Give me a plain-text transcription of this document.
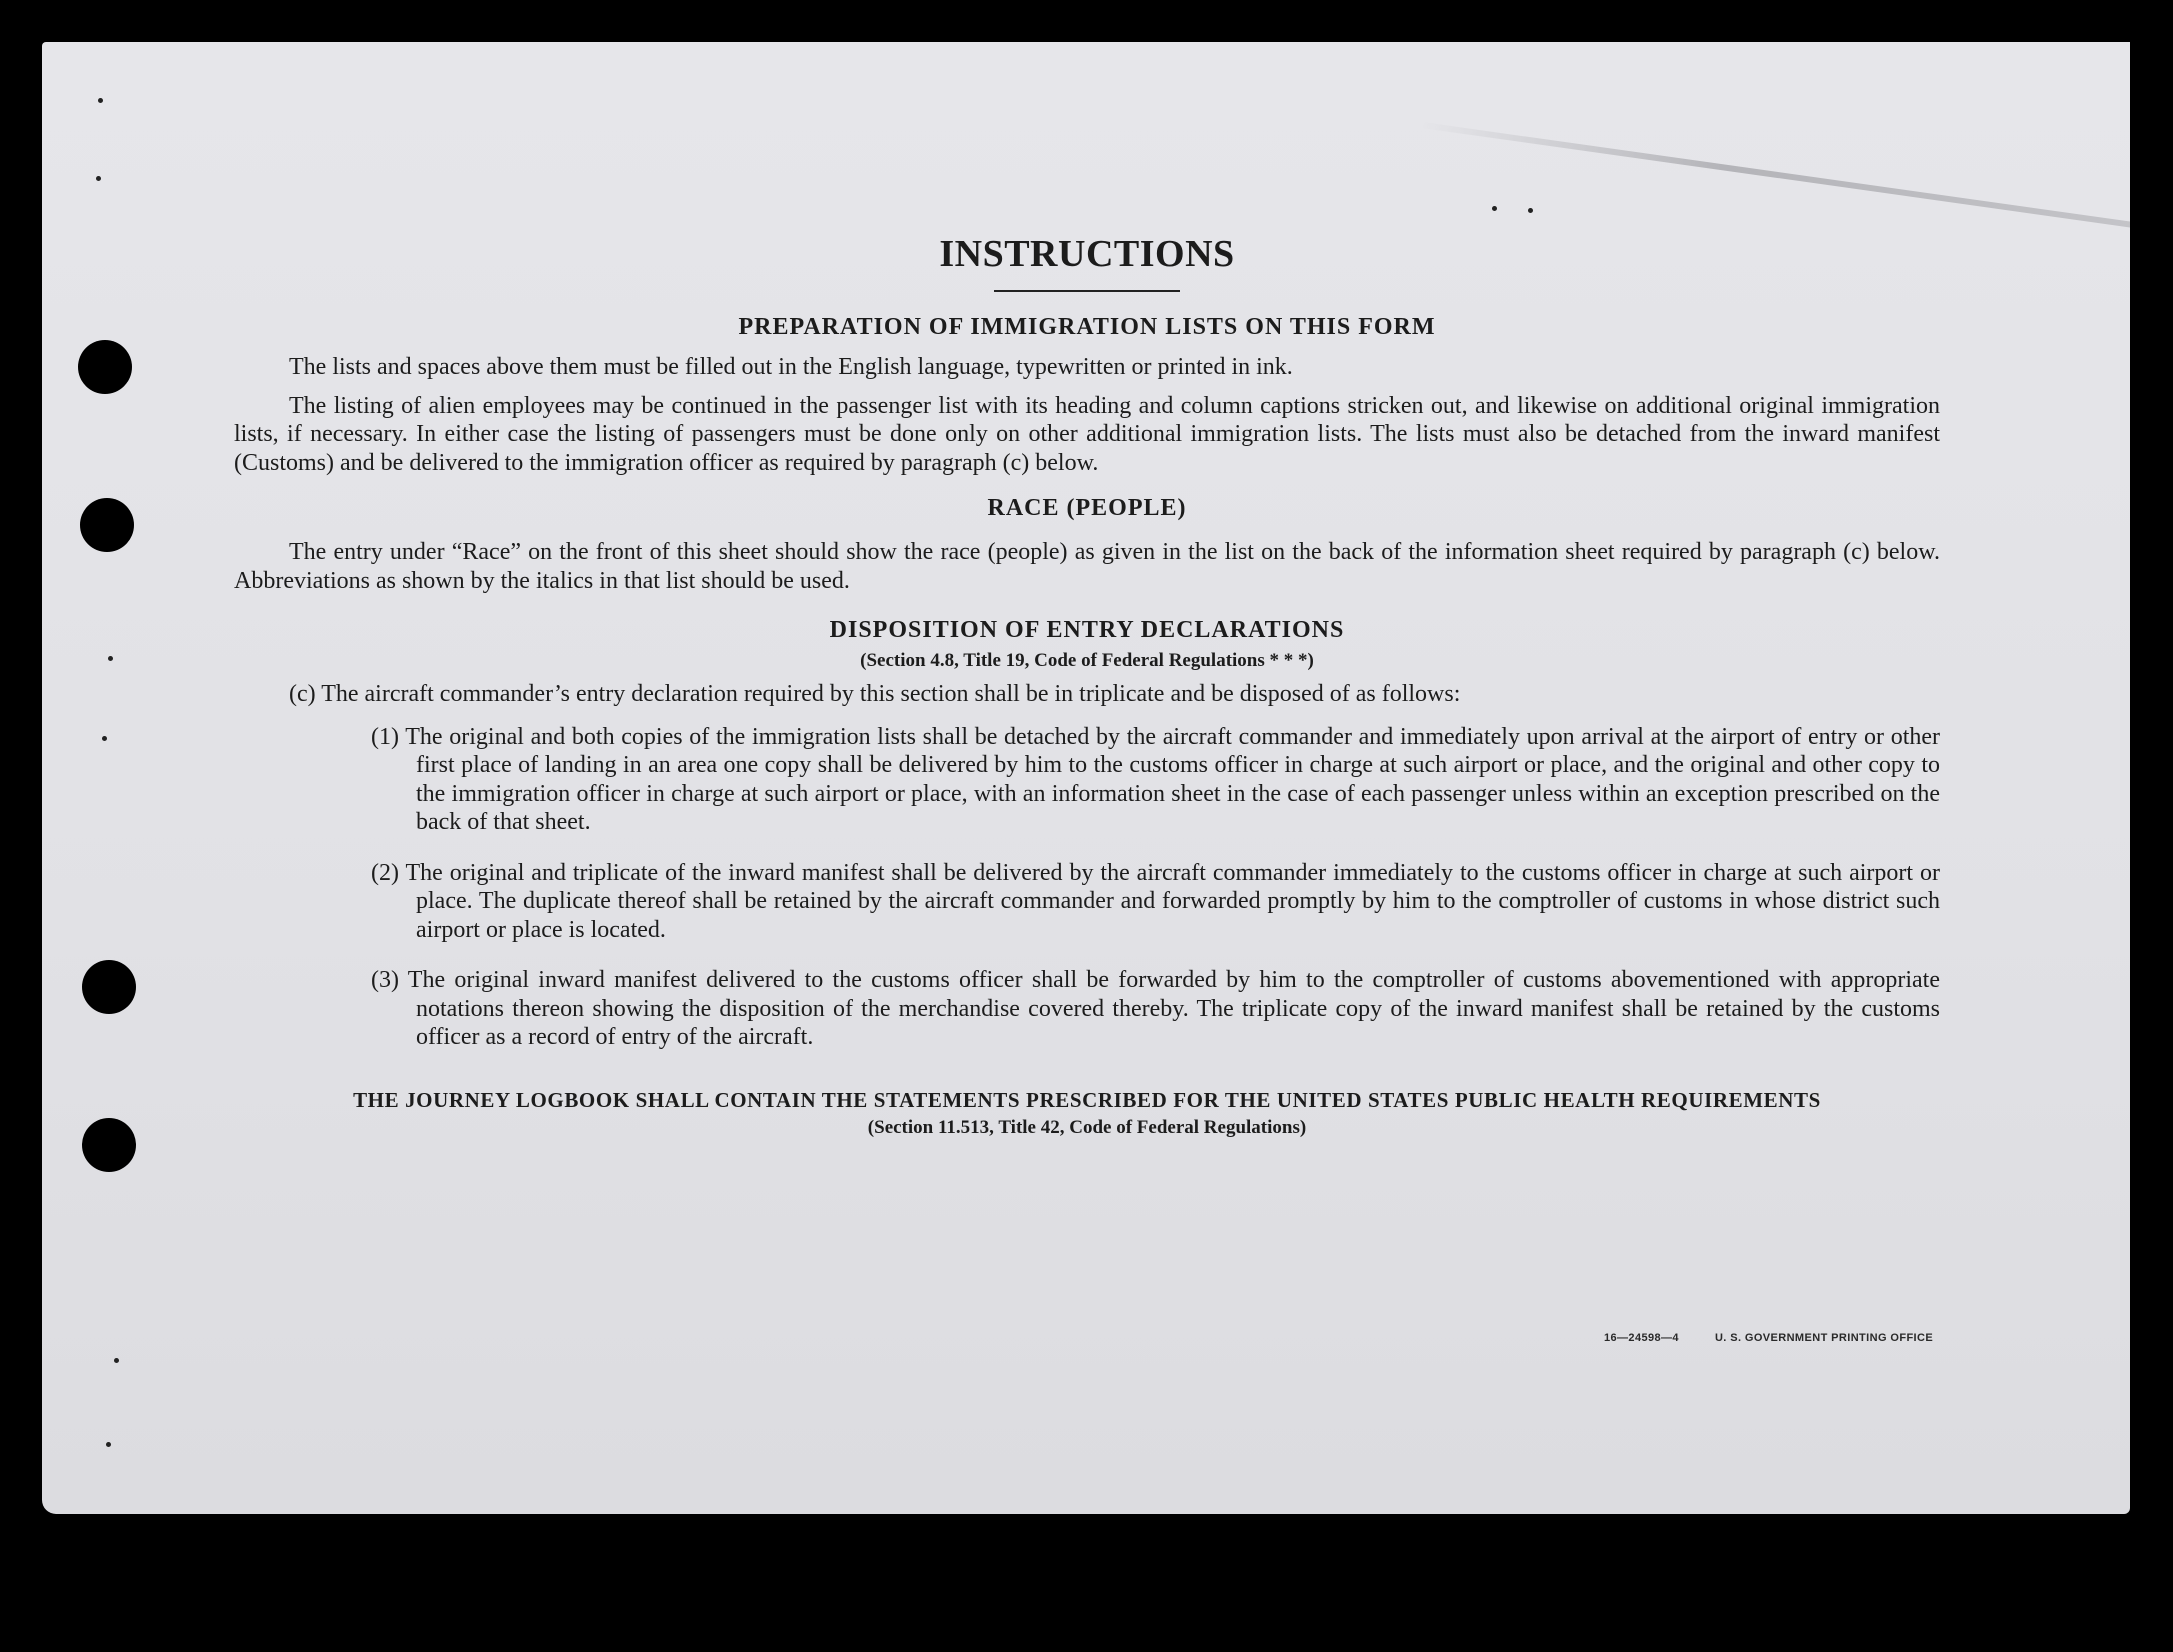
16—24598—4	U. S. GOVERNMENT PRINTING OFFICE
INSTRUCTIONS
PREPARATION OF IMMIGRATION LISTS ON THIS FORM

The lists and spaces above them must be filled out in the English language, typewritten or printed in ink.

The listing of alien employees may be continued in the passenger list with its heading and column captions stricken out, and likewise on additional original immigration lists, if necessary. In either case the listing of passengers must be done only on other additional immigration lists. The lists must also be detached from the inward manifest (Customs) and be delivered to the immigration officer as required by paragraph (c) below.

RACE (PEOPLE)

The entry under “Race” on the front of this sheet should show the race (people) as given in the list on the back of the information sheet required by paragraph (c) below. Abbreviations as shown by the italics in that list should be used.

DISPOSITION OF ENTRY DECLARATIONS

(Section 4.8, Title 19, Code of Federal Regulations * * *)

(c) The aircraft commander’s entry declaration required by this section shall be in triplicate and be disposed of as follows:

(1) The original and both copies of the immigration lists shall be detached by the aircraft commander and immediately upon arrival at the airport of entry or other first place of landing in an area one copy shall be delivered by him to the customs officer in charge at such airport or place, and the original and other copy to the immigration officer in charge at such airport or place, with an information sheet in the case of each passenger unless within an exception prescribed on the back of that sheet.

(2) The original and triplicate of the inward manifest shall be delivered by the aircraft commander immediately to the customs officer in charge at such airport or place. The duplicate thereof shall be retained by the aircraft commander and forwarded promptly by him to the comptroller of customs in whose district such airport or place is located.

(3) The original inward manifest delivered to the customs officer shall be forwarded by him to the comptroller of customs abovementioned with appropriate notations thereon showing the disposition of the merchandise covered thereby. The triplicate copy of the inward manifest shall be retained by the customs officer as a record of entry of the aircraft.

THE JOURNEY LOGBOOK SHALL CONTAIN THE STATEMENTS PRESCRIBED FOR THE UNITED STATES PUBLIC HEALTH REQUIREMENTS

(Section 11.513, Title 42, Code of Federal Regulations)
